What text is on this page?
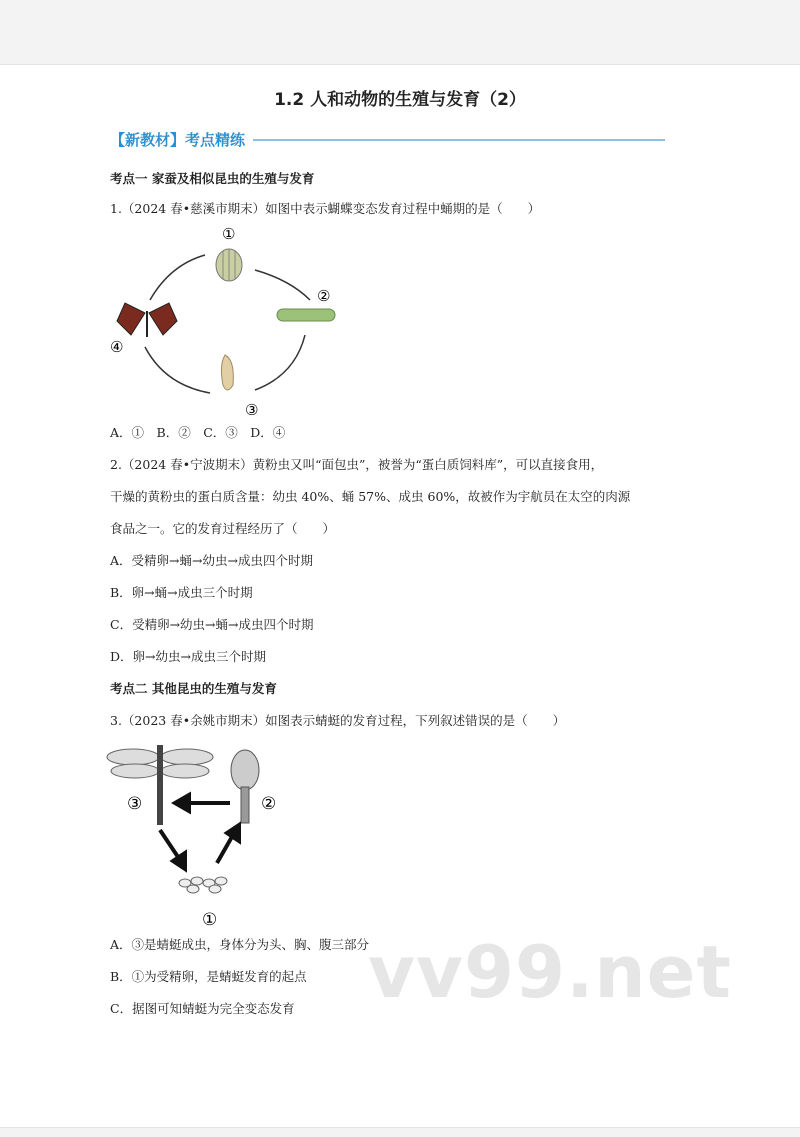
1.2 人和动物的生殖与发育（2）
【新教材】考点精练
考点一 家蚕及相似昆虫的生殖与发育
1.（2024 春•慈溪市期末）如图中表示蝴蝶变态发育过程中蛹期的是（　　）
①
②
③
④
A．①　B．②　C．③　D．④
2.（2024 春•宁波期末）黄粉虫又叫“面包虫”，被誉为“蛋白质饲料库”，可以直接食用，
干燥的黄粉虫的蛋白质含量：幼虫 40%、蛹 57%、成虫 60%，故被作为宇航员在太空的肉源
食品之一。它的发育过程经历了（　　）
A．受精卵→蛹→幼虫→成虫四个时期
B．卵→蛹→成虫三个时期
C．受精卵→幼虫→蛹→成虫四个时期
D．卵→幼虫→成虫三个时期
考点二 其他昆虫的生殖与发育
3.（2023 春•余姚市期末）如图表示蜻蜓的发育过程，下列叙述错误的是（　　）
①
②
③
A．③是蜻蜓成虫，身体分为头、胸、腹三部分
B．①为受精卵，是蜻蜓发育的起点
C．据图可知蜻蜓为完全变态发育 vv99.net
